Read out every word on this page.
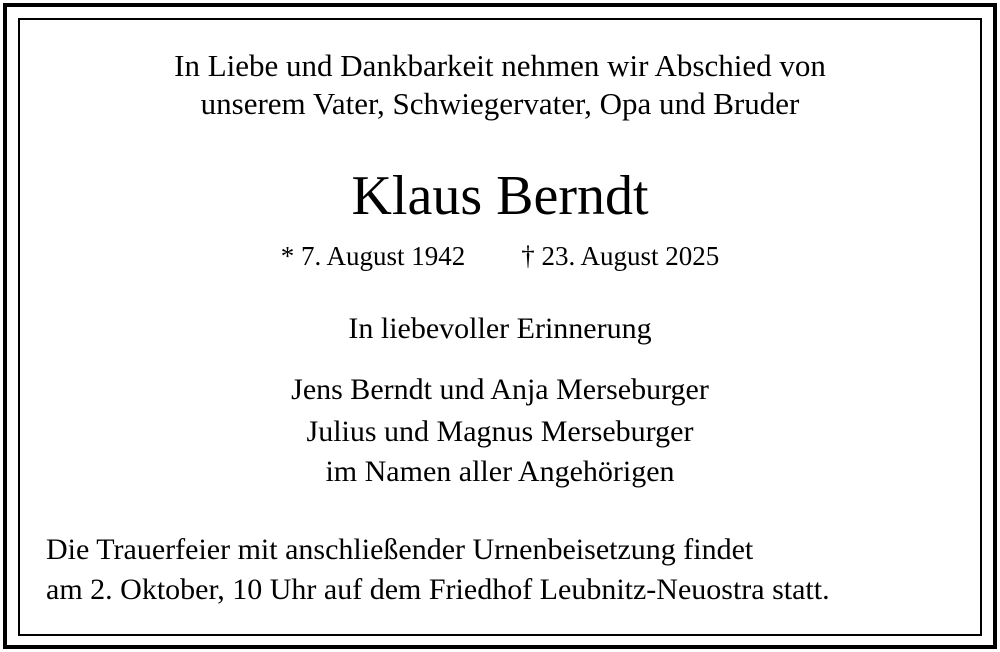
In Liebe und Dankbarkeit nehmen wir Abschied von
unserem Vater, Schwiegervater, Opa und Bruder
Klaus Berndt
* 7. August 1942 † 23. August 2025
In liebevoller Erinnerung
Jens Berndt und Anja Merseburger
Julius und Magnus Merseburger
im Namen aller Angehörigen
Die Trauerfeier mit anschließender Urnenbeisetzung findet
am 2. Oktober, 10 Uhr auf dem Friedhof Leubnitz-Neuostra statt.
